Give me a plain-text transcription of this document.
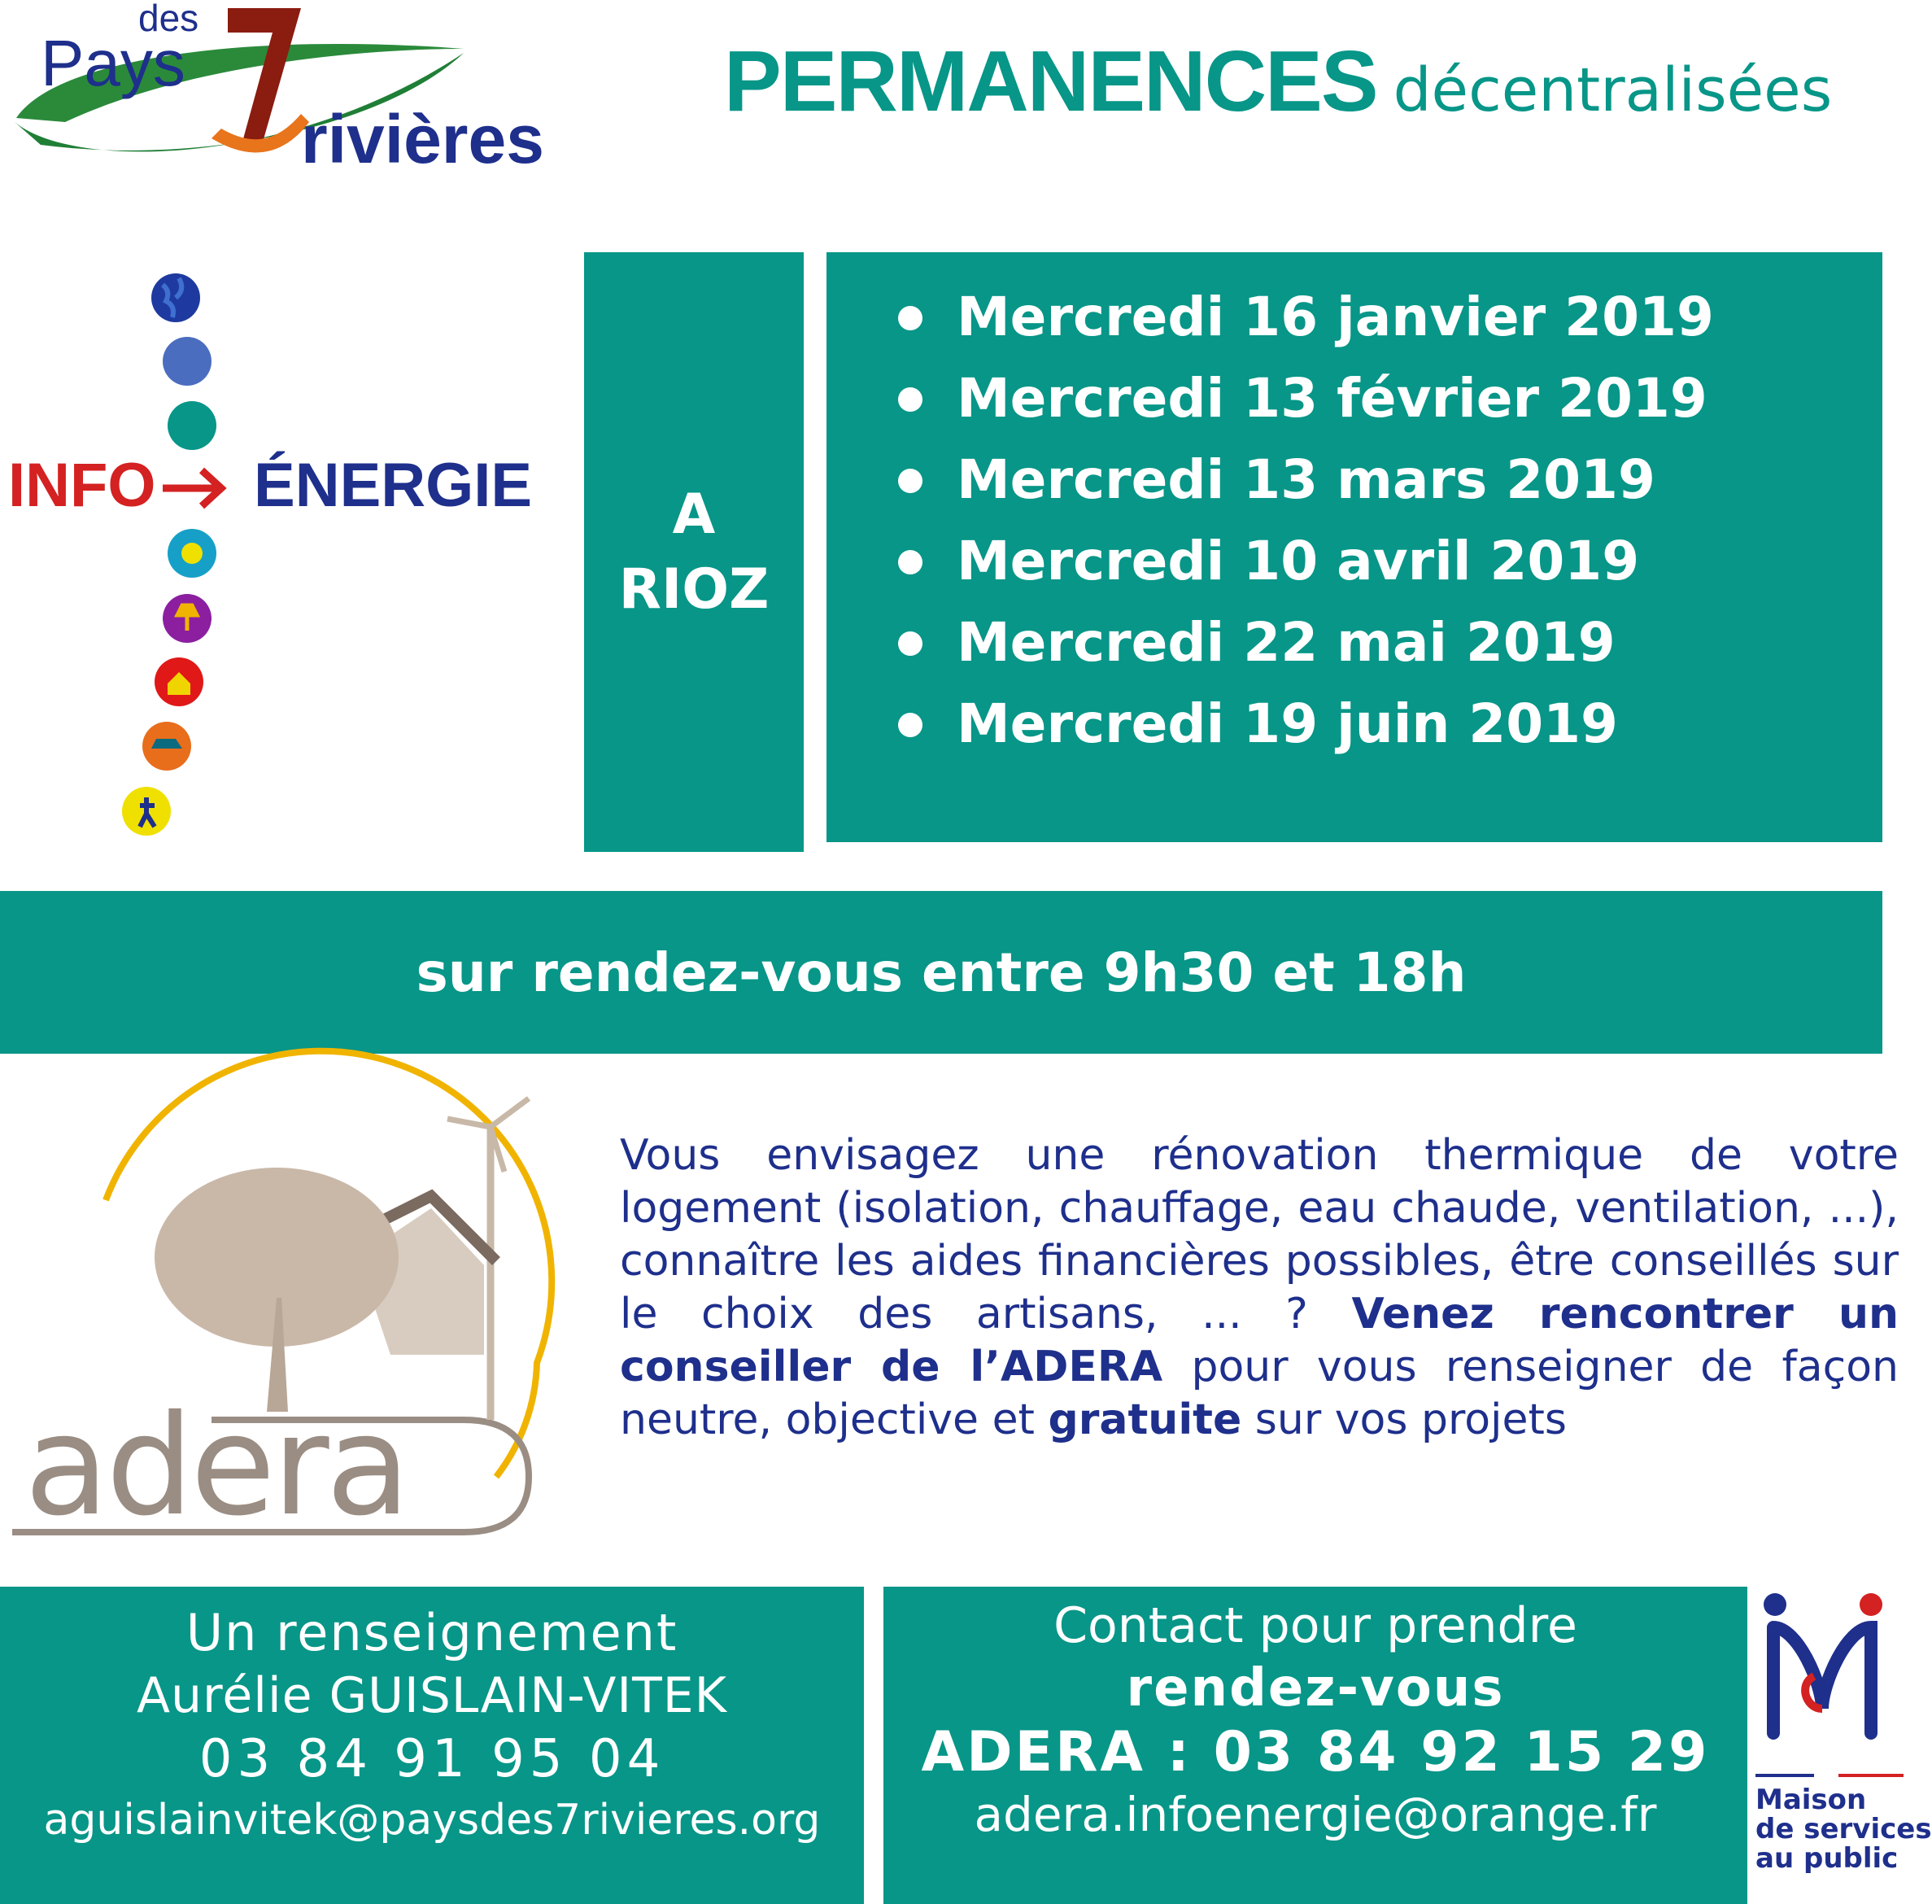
des
Pays
rivières
PERMANENCES décentralisées
INFO ÉNERGIE	A
RIOZ
Mercredi 16 janvier 2019
Mercredi 13 février 2019
Mercredi 13 mars 2019
Mercredi 10 avril 2019
Mercredi 22 mai 2019
Mercredi 19 juin 2019
sur rendez-vous entre 9h30 et 18h
adera
Vous envisagez une rénovation thermique de votre logement (isolation, chauffage, eau chaude, ventilation, ...), connaître les aides financières possibles, être conseillés sur le choix des artisans, ... ? Venez rencontrer un conseiller de l’ADERA pour vous renseigner de façon neutre, objective et gratuite sur vos projets
Un renseignement
Aurélie GUISLAIN-VITEK
03 84 91 95 04
aguislainvitek@paysdes7rivieres.org
Contact pour prendre
rendez-vous
ADERA : 03 84 92 15 29
adera.infoenergie@orange.fr	Maison
de services
au public
